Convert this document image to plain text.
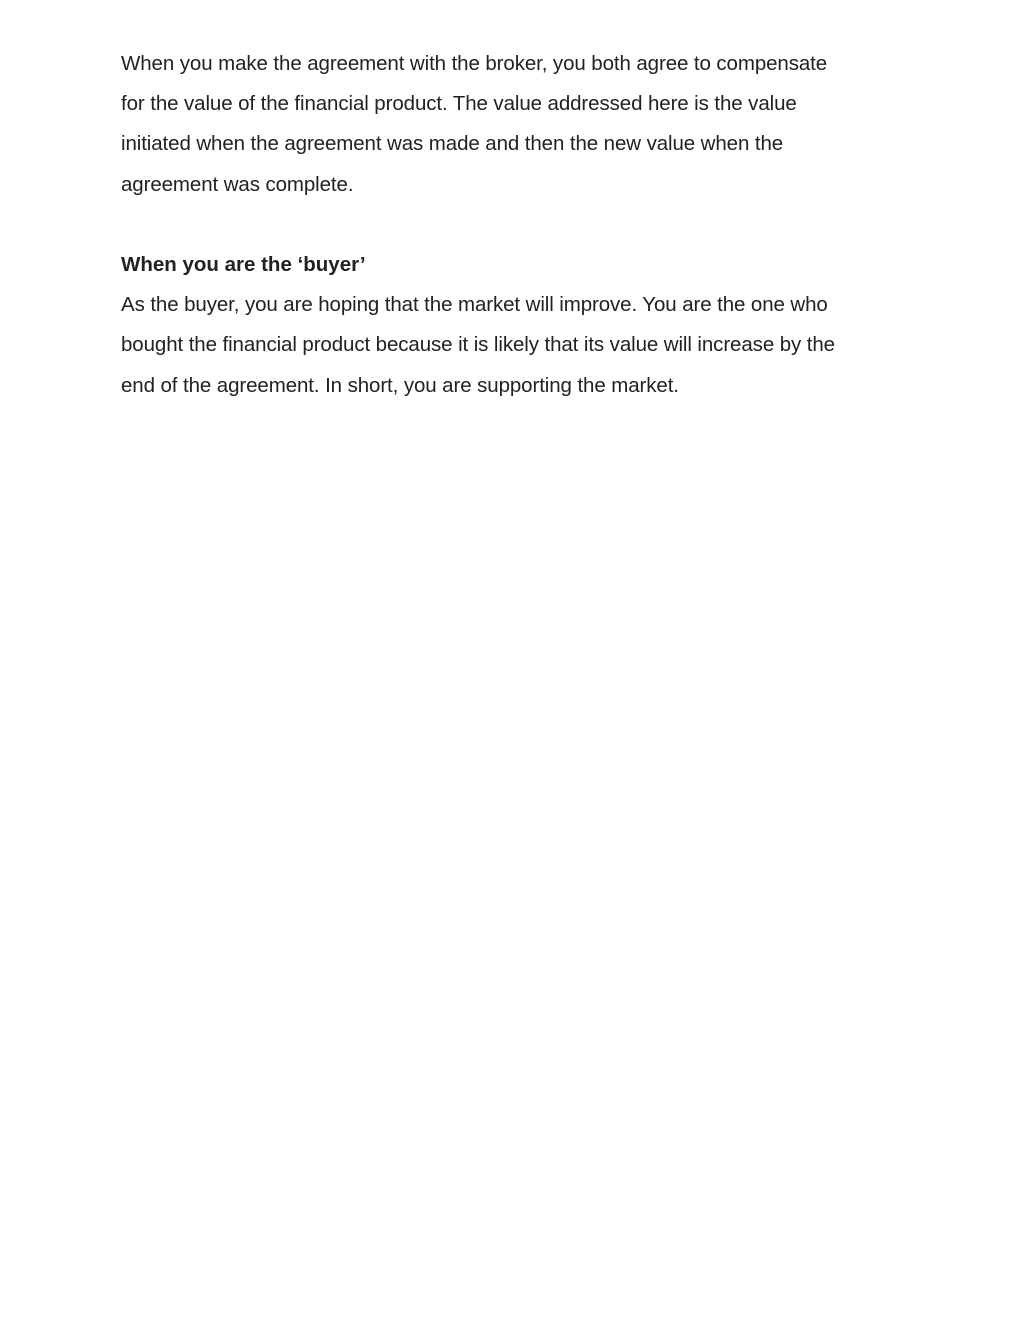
When you make the agreement with the broker, you both agree to compensate
for the value of the financial product. The value addressed here is the value
initiated when the agreement was made and then the new value when the
agreement was complete.

When you are the ‘buyer’

As the buyer, you are hoping that the market will improve. You are the one who
bought the financial product because it is likely that its value will increase by the
end of the agreement. In short, you are supporting the market.
